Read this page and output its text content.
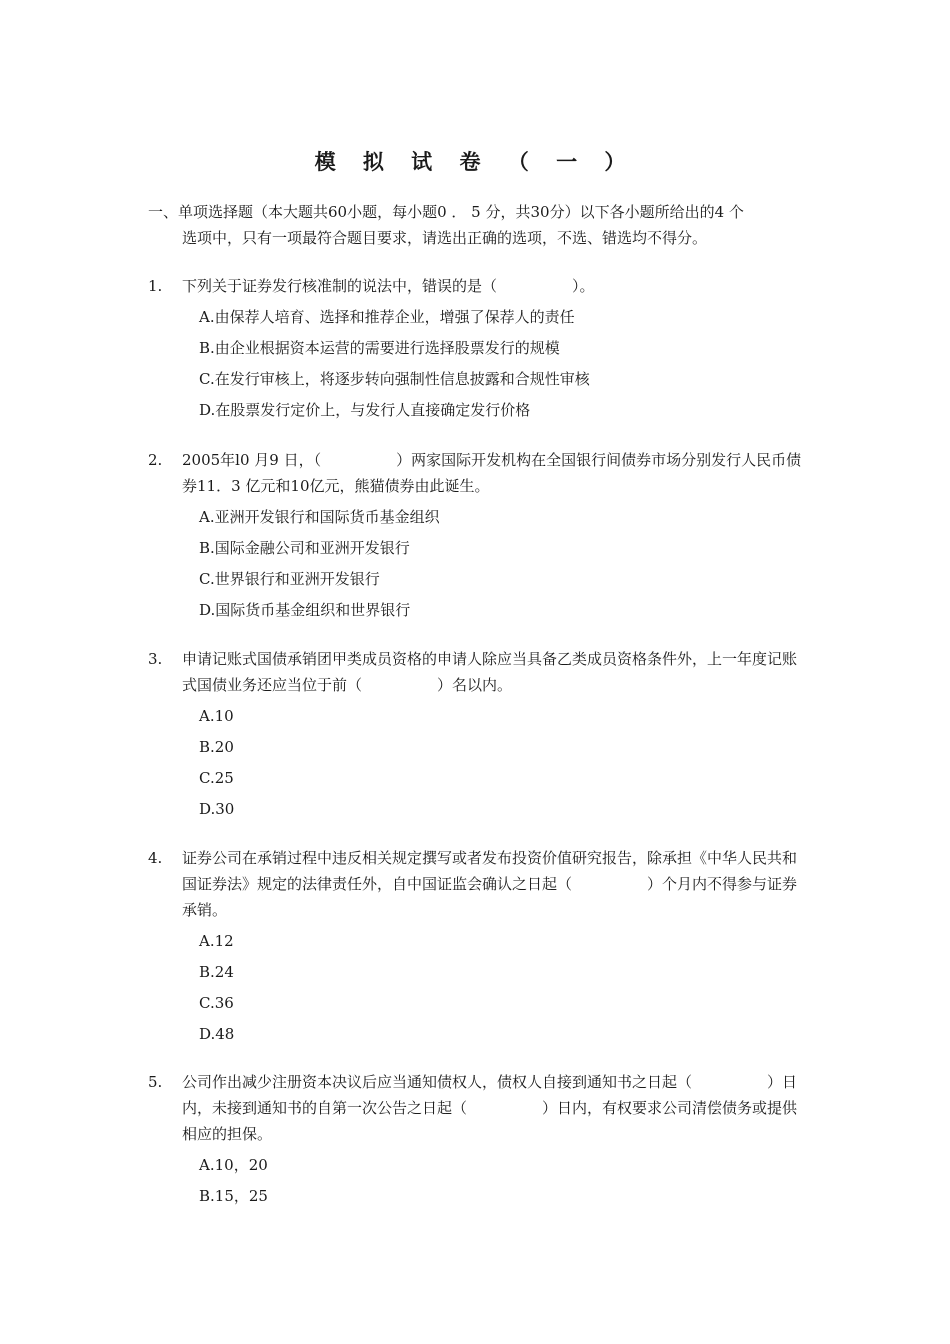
模 拟 试 卷 （ 一 ）
一、单项选择题（本大题共60小题，每小题0 ． 5 分，共30分）以下各小题所给出的4 个
选项中，只有一项最符合题目要求，请选出正确的选项，不选、错选均不得分。
1.	下列关于证券发行核准制的说法中，错误的是（　　　　　）。
A.由保荐人培育、选择和推荐企业，增强了保荐人的责任
B.由企业根据资本运营的需要进行选择股票发行的规模
C.在发行审核上，将逐步转向强制性信息披露和合规性审核
D.在股票发行定价上，与发行人直接确定发行价格
2.	2005年l0 月9 日，（　　　　　）两家国际开发机构在全国银行间债券市场分别发行人民币债券11．3 亿元和10亿元，熊猫债券由此诞生。
A.亚洲开发银行和国际货币基金组织
B.国际金融公司和亚洲开发银行
C.世界银行和亚洲开发银行
D.国际货币基金组织和世界银行
3.	申请记账式国债承销团甲类成员资格的申请人除应当具备乙类成员资格条件外，上一年度记账式国债业务还应当位于前（　　　　　）名以内。
A.10
B.20
C.25
D.30
4.	证券公司在承销过程中违反相关规定撰写或者发布投资价值研究报告，除承担《中华人民共和国证券法》规定的法律责任外，自中国证监会确认之日起（　　　　　）个月内不得参与证券承销。
A.12
B.24
C.36
D.48
5.	公司作出减少注册资本决议后应当通知债权人，债权人自接到通知书之日起（　　　　　）日内，未接到通知书的自第一次公告之日起（　　　　　）日内，有权要求公司清偿债务或提供相应的担保。
A.10，20
B.15，25
